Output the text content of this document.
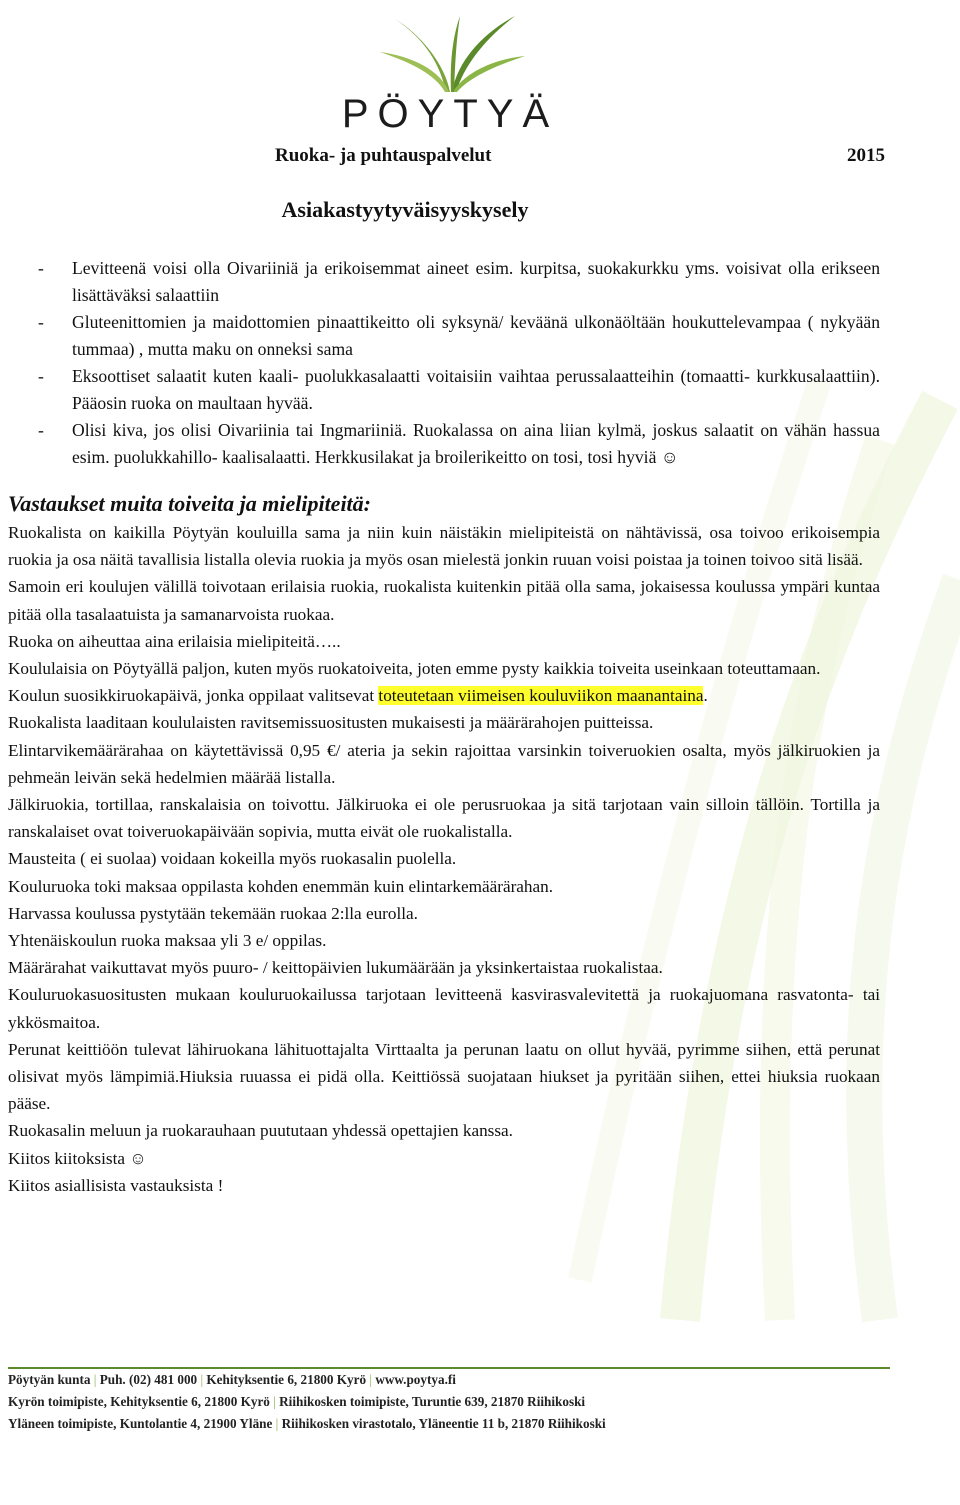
PÖYTYÄ
Ruoka- ja puhtauspalvelut	2015
Asiakastyytyväisyyskysely
- Levitteenä voisi olla Oivariiniä ja erikoisemmat aineet esim. kurpitsa, suokakurkku yms. voisivat olla erikseen lisättäväksi salaattiin
- Gluteenittomien ja maidottomien pinaattikeitto oli syksynä/ keväänä ulkonäöltään houkuttelevampaa ( nykyään tummaa) , mutta maku on onneksi sama
- Eksoottiset salaatit kuten kaali- puolukkasalaatti voitaisiin vaihtaa perussalaatteihin (tomaatti- kurkkusalaattiin). Pääosin ruoka on maultaan hyvää.
- Olisi kiva, jos olisi Oivariinia tai Ingmariiniä. Ruokalassa on aina liian kylmä, joskus salaatit on vähän hassua esim. puolukkahillo- kaalisalaatti. Herkkusilakat ja broilerikeitto on tosi, tosi hyviä ☺
Vastaukset muita toiveita ja mielipiteitä:
Ruokalista on kaikilla Pöytyän kouluilla sama ja niin kuin näistäkin mielipiteistä on nähtävissä, osa toivoo erikoisempia ruokia ja osa näitä tavallisia listalla olevia ruokia ja myös osan mielestä jonkin ruuan voisi poistaa ja toinen toivoo sitä lisää.
Samoin eri koulujen välillä toivotaan erilaisia ruokia, ruokalista kuitenkin pitää olla sama, jokaisessa koulussa ympäri kuntaa pitää olla tasalaatuista ja samanarvoista ruokaa.
Ruoka on aiheuttaa aina erilaisia mielipiteitä…..
Koululaisia on Pöytyällä paljon, kuten myös ruokatoiveita, joten emme pysty kaikkia toiveita useinkaan toteuttamaan.
Koulun suosikkiruokapäivä, jonka oppilaat valitsevat toteutetaan viimeisen kouluviikon maanantaina.
Ruokalista laaditaan koululaisten ravitsemissuositusten mukaisesti ja määrärahojen puitteissa.
Elintarvikemäärärahaa on käytettävissä 0,95 €/ ateria ja sekin rajoittaa varsinkin toiveruokien osalta, myös jälkiruokien ja pehmeän leivän sekä hedelmien määrää listalla.
Jälkiruokia, tortillaa, ranskalaisia on toivottu. Jälkiruoka ei ole perusruokaa ja sitä tarjotaan vain silloin tällöin. Tortilla ja ranskalaiset ovat toiveruokapäivään sopivia, mutta eivät ole ruokalistalla.
Mausteita ( ei suolaa) voidaan kokeilla myös ruokasalin puolella.
Kouluruoka toki maksaa oppilasta kohden enemmän kuin elintarkemäärärahan.
Harvassa koulussa pystytään tekemään ruokaa 2:lla eurolla.
Yhtenäiskoulun ruoka maksaa yli 3 e/ oppilas.
Määrärahat vaikuttavat myös puuro- / keittopäivien lukumäärään ja yksinkertaistaa ruokalistaa.
Kouluruokasuositusten mukaan kouluruokailussa tarjotaan levitteenä kasvirasvalevitettä ja ruokajuomana rasvatonta- tai ykkösmaitoa.
Perunat keittiöön tulevat lähiruokana lähituottajalta Virttaalta ja perunan laatu on ollut hyvää, pyrimme siihen, että perunat olisivat myös lämpimiä.Hiuksia ruuassa ei pidä olla. Keittiössä suojataan hiukset ja pyritään siihen, ettei hiuksia ruokaan pääse.
Ruokasalin meluun ja ruokarauhaan puututaan yhdessä opettajien kanssa.
Kiitos kiitoksista ☺
Kiitos asiallisista vastauksista !
Pöytyän kunta | Puh. (02) 481 000 | Kehityksentie 6, 21800 Kyrö | www.poytya.fi
Kyrön toimipiste, Kehityksentie 6, 21800 Kyrö | Riihikosken toimipiste, Turuntie 639, 21870 Riihikoski
Yläneen toimipiste, Kuntolantie 4, 21900 Yläne | Riihikosken virastotalo, Yläneentie 11 b, 21870 Riihikoski
